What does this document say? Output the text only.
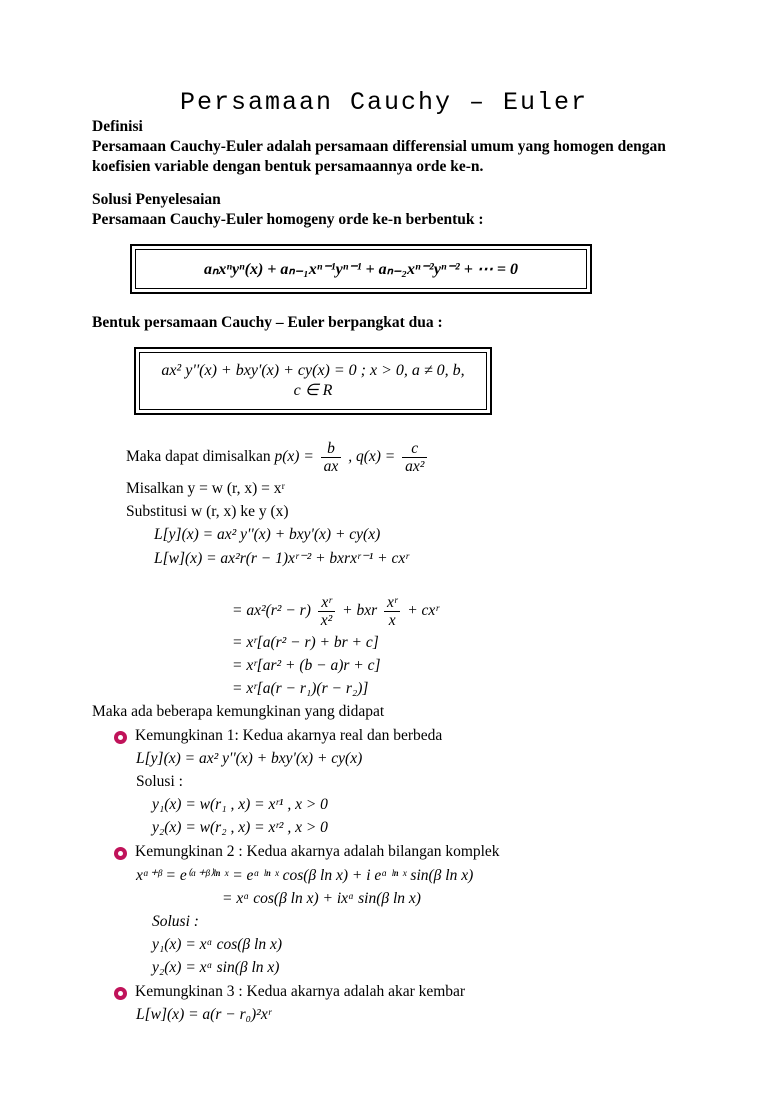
Persamaan Cauchy – Euler
Definisi
Persamaan Cauchy-Euler adalah persamaan differensial umum yang homogen dengan
koefisien variable dengan bentuk persamaannya orde ke-n.
Solusi Penyelesaian
Persamaan Cauchy-Euler homogeny orde ke-n berbentuk :
aₙxⁿyⁿ(x) + aₙ₋₁xⁿ⁻¹yⁿ⁻¹ + aₙ₋₂xⁿ⁻²yⁿ⁻² + ⋯ = 0
Bentuk persamaan Cauchy – Euler berpangkat dua :
ax² y''(x) + bxy'(x) + cy(x) = 0 ; x > 0, a ≠ 0, b, c ∈ R
Maka dapat dimisalkan $p(x) = \frac{b}{ax}$ , $q(x) = \frac{c}{\text{ax²}}$
Misalkan y = w (r, x) = xʳ
Substitusi w (r, x) ke y (x)
L[y](x) = ax² y''(x) + bxy'(x) + cy(x)
L[w](x) = ax²r(r − 1)xʳ⁻² + bxrxʳ⁻¹ + cxʳ
= $ax^2(r^2 - r) \frac{\text{xʳ}}{\text{x²}}$ + bxr $\frac{\text{xʳ}}{x}$ + cxʳ
= xʳ[a(r² − r) + br + c]
= xʳ[ar² + (b − a)r + c]
= xʳ[a(r − r₁)(r − r₂)]
Maka ada beberapa kemungkinan yang didapat
Kemungkinan 1: Kedua akarnya real dan berbeda
L[y](x) = ax² y''(x) + bxy'(x) + cy(x)
Solusi :
y₁(x) = w(r₁ , x) = xʳ¹ , x > 0
y₂(x) = w(r₂ , x) = xʳ² , x > 0
Kemungkinan 2 : Kedua akarnya adalah bilangan komplek
xᵅ⁺ᵝ = e⁽ᵅ⁺ᵝ⁾ˡⁿ ˣ = eᵅ ˡⁿ ˣ cos(β ln x) + i eᵅ ˡⁿ ˣ sin(β ln x)
= xᵅ cos(β ln x) + ixᵅ sin(β ln x)
Solusi :
y₁(x) = xᵅ cos(β ln x)
y₂(x) = xᵅ sin(β ln x)
Kemungkinan 3 : Kedua akarnya adalah akar kembar
L[w](x) = a(r − r₀)²xʳ
